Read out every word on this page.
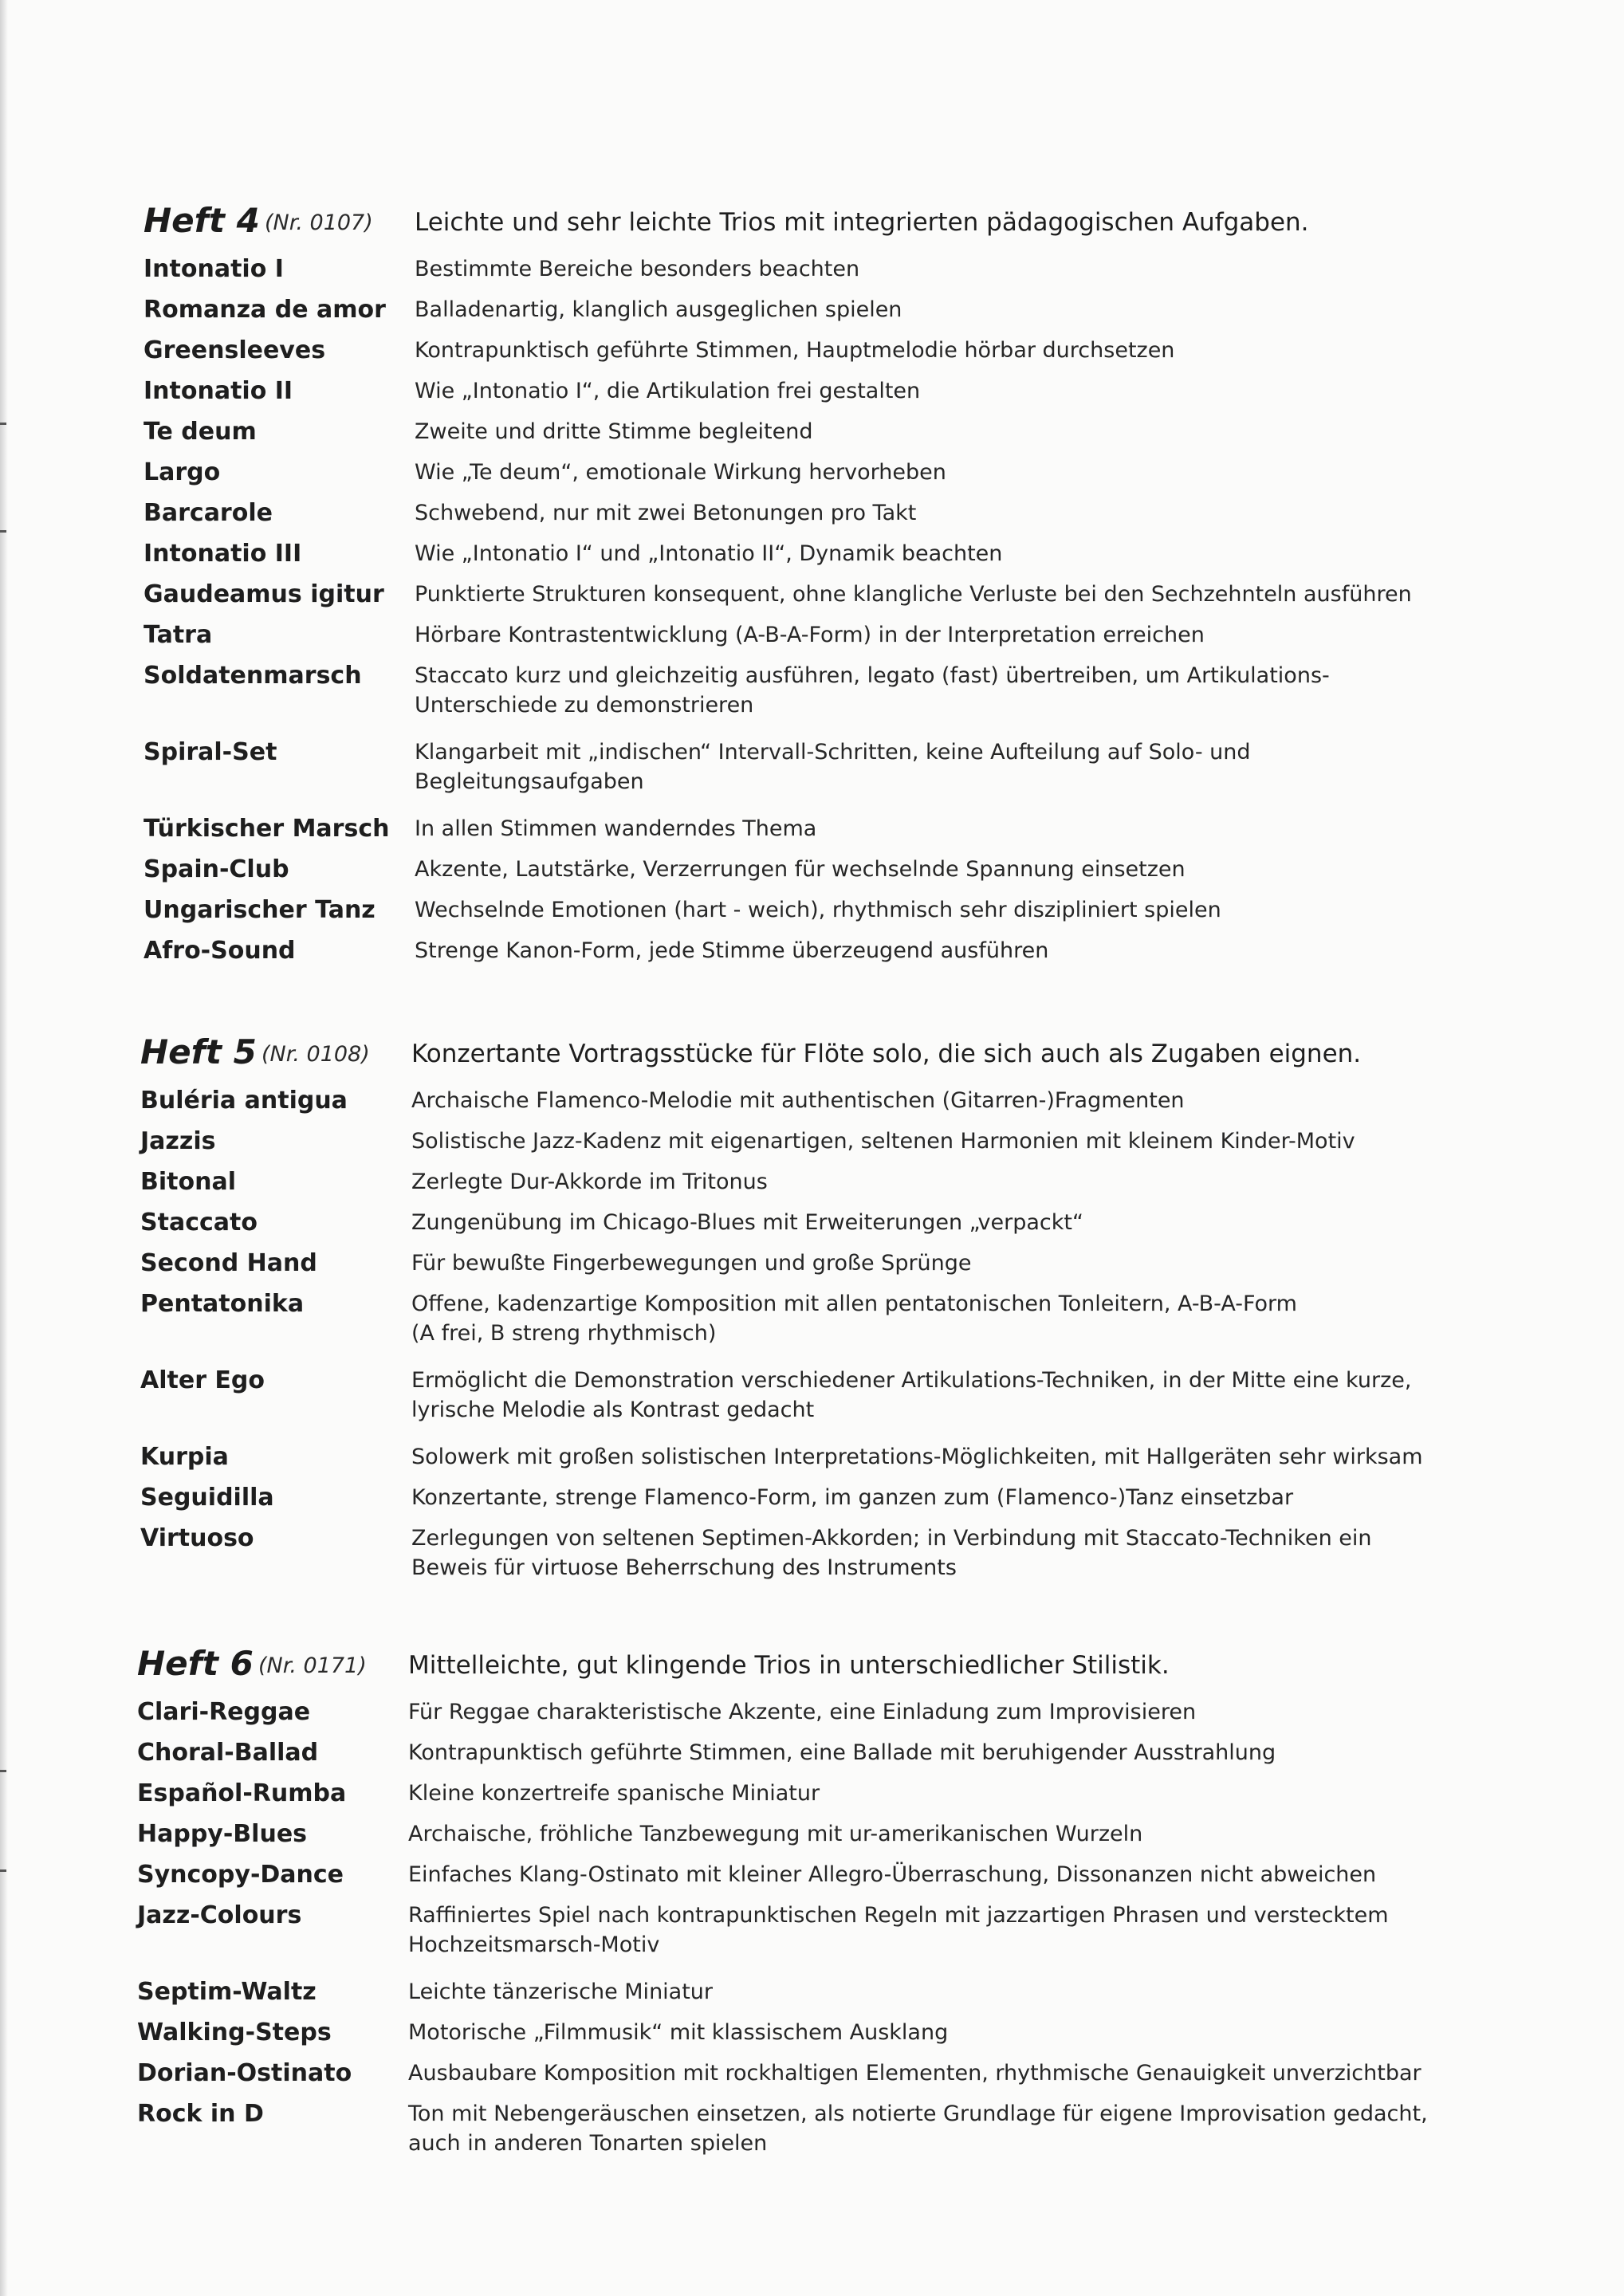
Heft 4 (Nr. 0107) Leichte und sehr leichte Trios mit integrierten pädagogischen Aufgaben.
Intonatio I	Bestimmte Bereiche besonders beachten
Romanza de amor	Balladenartig, klanglich ausgeglichen spielen
Greensleeves	Kontrapunktisch geführte Stimmen, Hauptmelodie hörbar durchsetzen
Intonatio II	Wie „Intonatio I“, die Artikulation frei gestalten
Te deum	Zweite und dritte Stimme begleitend
Largo	Wie „Te deum“, emotionale Wirkung hervorheben
Barcarole	Schwebend, nur mit zwei Betonungen pro Takt
Intonatio III	Wie „Intonatio I“ und „Intonatio II“, Dynamik beachten
Gaudeamus igitur	Punktierte Strukturen konsequent, ohne klangliche Verluste bei den Sechzehnteln ausführen
Tatra	Hörbare Kontrastentwicklung (A-B-A-Form) in der Interpretation erreichen
Soldatenmarsch	Staccato kurz und gleichzeitig ausführen, legato (fast) übertreiben, um Artikulations-
Unterschiede zu demonstrieren
Spiral-Set	Klangarbeit mit „indischen“ Intervall-Schritten, keine Aufteilung auf Solo- und
Begleitungsaufgaben
Türkischer Marsch	In allen Stimmen wanderndes Thema
Spain-Club	Akzente, Lautstärke, Verzerrungen für wechselnde Spannung einsetzen
Ungarischer Tanz	Wechselnde Emotionen (hart - weich), rhythmisch sehr diszipliniert spielen
Afro-Sound	Strenge Kanon-Form, jede Stimme überzeugend ausführen
Heft 5 (Nr. 0108) Konzertante Vortragsstücke für Flöte solo, die sich auch als Zugaben eignen.
Buléria antigua	Archaische Flamenco-Melodie mit authentischen (Gitarren-)Fragmenten
Jazzis	Solistische Jazz-Kadenz mit eigenartigen, seltenen Harmonien mit kleinem Kinder-Motiv
Bitonal	Zerlegte Dur-Akkorde im Tritonus
Staccato	Zungenübung im Chicago-Blues mit Erweiterungen „verpackt“
Second Hand	Für bewußte Fingerbewegungen und große Sprünge
Pentatonika	Offene, kadenzartige Komposition mit allen pentatonischen Tonleitern, A-B-A-Form
(A frei, B streng rhythmisch)
Alter Ego	Ermöglicht die Demonstration verschiedener Artikulations-Techniken, in der Mitte eine kurze,
lyrische Melodie als Kontrast gedacht
Kurpia	Solowerk mit großen solistischen Interpretations-Möglichkeiten, mit Hallgeräten sehr wirksam
Seguidilla	Konzertante, strenge Flamenco-Form, im ganzen zum (Flamenco-)Tanz einsetzbar
Virtuoso	Zerlegungen von seltenen Septimen-Akkorden; in Verbindung mit Staccato-Techniken ein
Beweis für virtuose Beherrschung des Instruments
Heft 6 (Nr. 0171) Mittelleichte, gut klingende Trios in unterschiedlicher Stilistik.
Clari-Reggae	Für Reggae charakteristische Akzente, eine Einladung zum Improvisieren
Choral-Ballad	Kontrapunktisch geführte Stimmen, eine Ballade mit beruhigender Ausstrahlung
Español-Rumba	Kleine konzertreife spanische Miniatur
Happy-Blues	Archaische, fröhliche Tanzbewegung mit ur-amerikanischen Wurzeln
Syncopy-Dance	Einfaches Klang-Ostinato mit kleiner Allegro-Überraschung, Dissonanzen nicht abweichen
Jazz-Colours	Raffiniertes Spiel nach kontrapunktischen Regeln mit jazzartigen Phrasen und verstecktem
Hochzeitsmarsch-Motiv
Septim-Waltz	Leichte tänzerische Miniatur
Walking-Steps	Motorische „Filmmusik“ mit klassischem Ausklang
Dorian-Ostinato	Ausbaubare Komposition mit rockhaltigen Elementen, rhythmische Genauigkeit unverzichtbar
Rock in D	Ton mit Nebengeräuschen einsetzen, als notierte Grundlage für eigene Improvisation gedacht,
auch in anderen Tonarten spielen
